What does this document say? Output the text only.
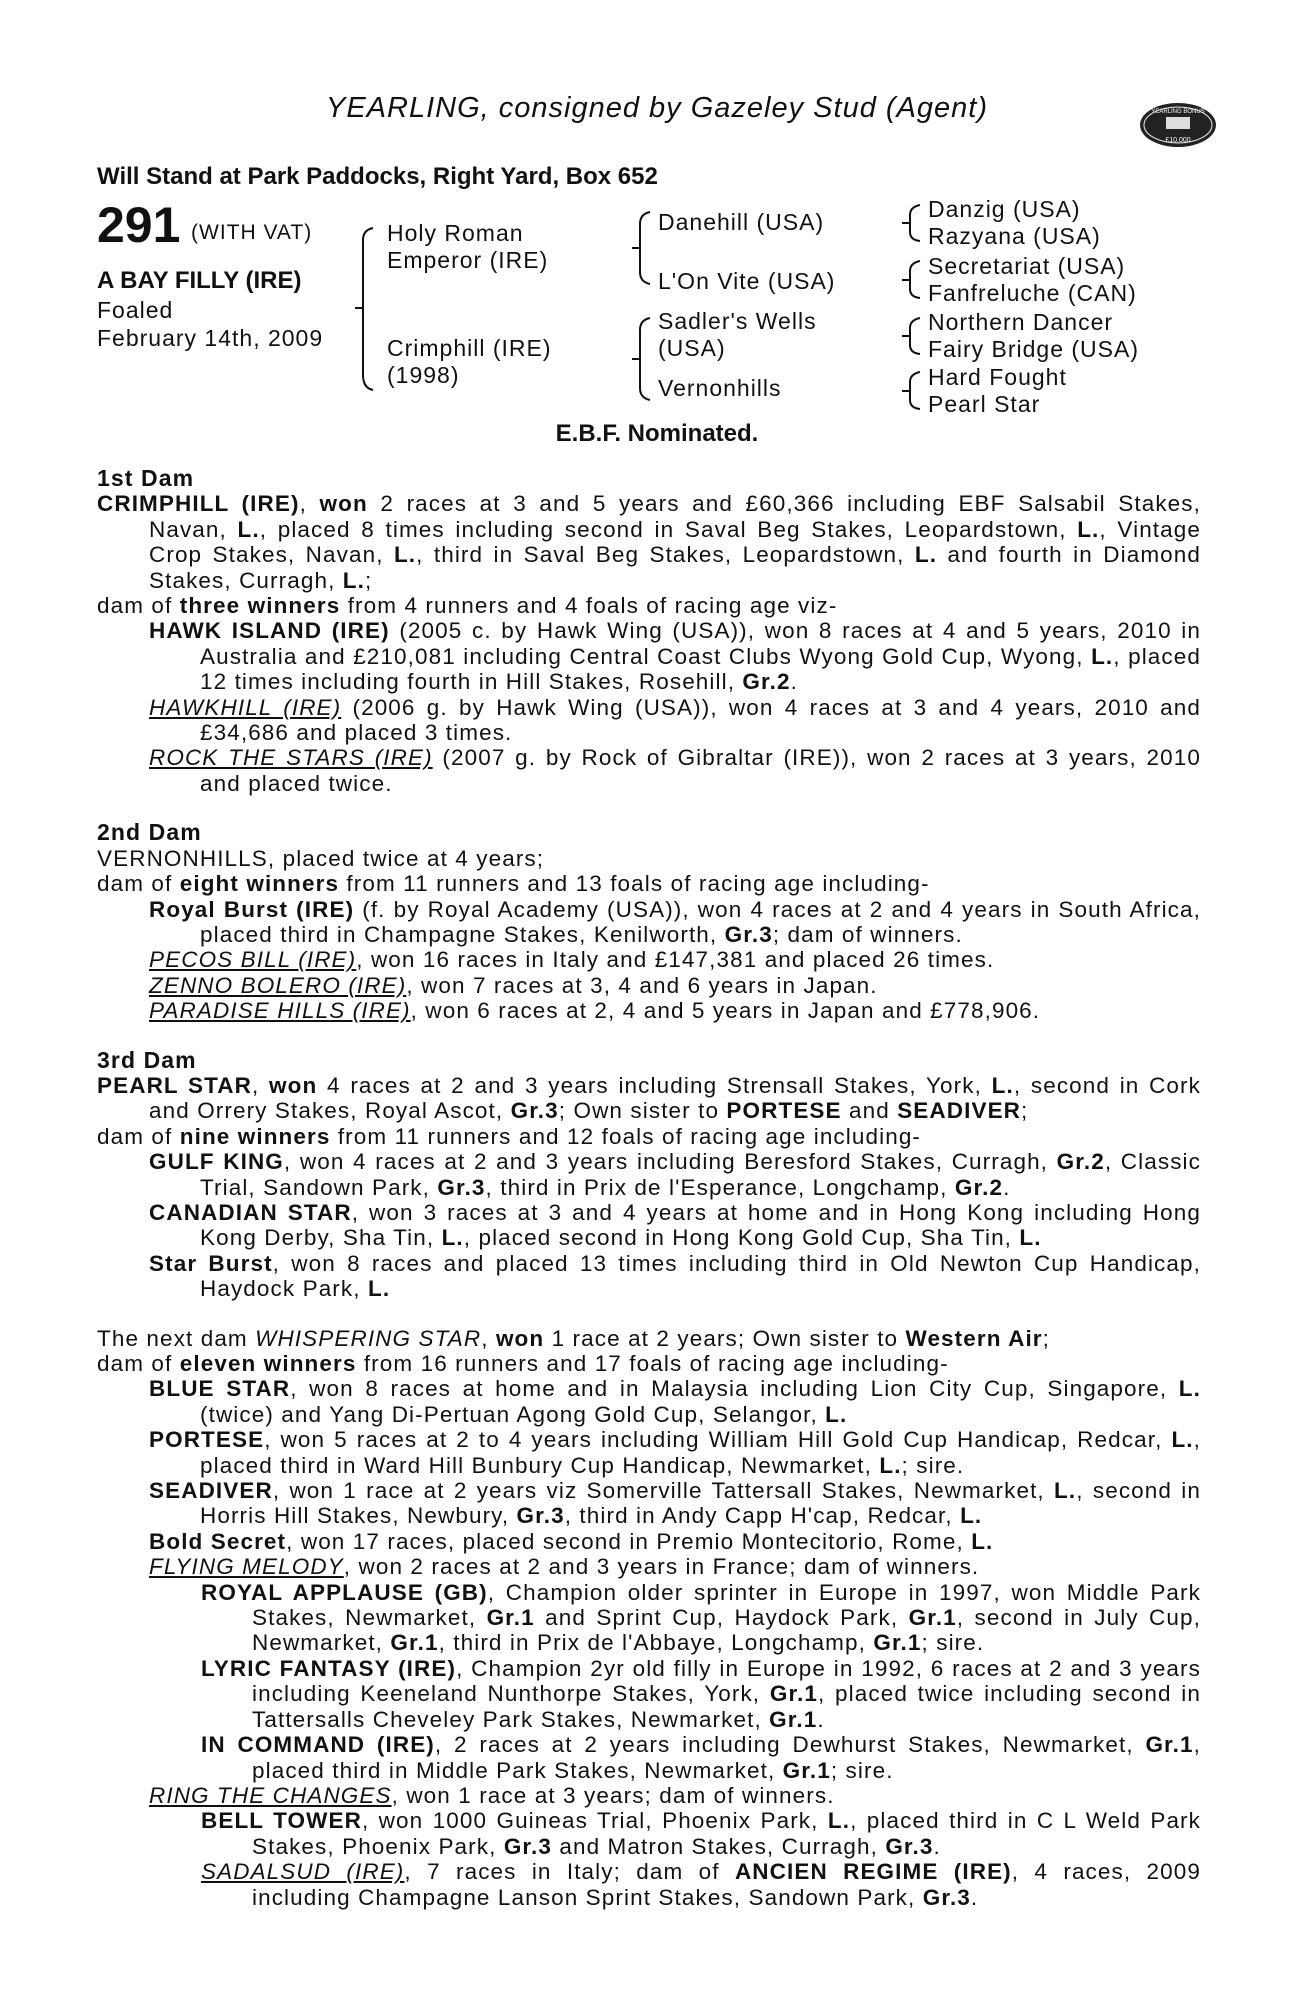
YEARLING, consigned by Gazeley Stud (Agent)	YEARLING BONUS
£10,000
Will Stand at Park Paddocks, Right Yard, Box 652
291 (WITH VAT)
A BAY FILLY (IRE)
Foaled
February 14th, 2009
Holy Roman
Emperor (IRE)
Crimphill (IRE)
(1998)
Danehill (USA)
L'On Vite (USA)
Sadler's Wells
(USA)
Vernonhills
Danzig (USA)
Razyana (USA)
Secretariat (USA)
Fanfreluche (CAN)
Northern Dancer
Fairy Bridge (USA)
Hard Fought
Pearl Star
E.B.F. Nominated.
1st Dam
CRIMPHILL (IRE), won 2 races at 3 and 5 years and £60,366 including EBF Salsabil Stakes, Navan, L., placed 8 times including second in Saval Beg Stakes, Leopardstown, L., Vintage Crop Stakes, Navan, L., third in Saval Beg Stakes, Leopardstown, L. and fourth in Diamond Stakes, Curragh, L.;
dam of three winners from 4 runners and 4 foals of racing age viz-
HAWK ISLAND (IRE) (2005 c. by Hawk Wing (USA)), won 8 races at 4 and 5 years, 2010 in Australia and £210,081 including Central Coast Clubs Wyong Gold Cup, Wyong, L., placed 12 times including fourth in Hill Stakes, Rosehill, Gr.2.
HAWKHILL (IRE) (2006 g. by Hawk Wing (USA)), won 4 races at 3 and 4 years, 2010 and £34,686 and placed 3 times.
ROCK THE STARS (IRE) (2007 g. by Rock of Gibraltar (IRE)), won 2 races at 3 years, 2010 and placed twice.
2nd Dam
VERNONHILLS, placed twice at 4 years;
dam of eight winners from 11 runners and 13 foals of racing age including-
Royal Burst (IRE) (f. by Royal Academy (USA)), won 4 races at 2 and 4 years in South Africa, placed third in Champagne Stakes, Kenilworth, Gr.3; dam of winners.
PECOS BILL (IRE), won 16 races in Italy and £147,381 and placed 26 times.
ZENNO BOLERO (IRE), won 7 races at 3, 4 and 6 years in Japan.
PARADISE HILLS (IRE), won 6 races at 2, 4 and 5 years in Japan and £778,906.
3rd Dam
PEARL STAR, won 4 races at 2 and 3 years including Strensall Stakes, York, L., second in Cork and Orrery Stakes, Royal Ascot, Gr.3; Own sister to PORTESE and SEADIVER;
dam of nine winners from 11 runners and 12 foals of racing age including-
GULF KING, won 4 races at 2 and 3 years including Beresford Stakes, Curragh, Gr.2, Classic Trial, Sandown Park, Gr.3, third in Prix de l'Esperance, Longchamp, Gr.2.
CANADIAN STAR, won 3 races at 3 and 4 years at home and in Hong Kong including Hong Kong Derby, Sha Tin, L., placed second in Hong Kong Gold Cup, Sha Tin, L.
Star Burst, won 8 races and placed 13 times including third in Old Newton Cup Handicap, Haydock Park, L.
The next dam WHISPERING STAR, won 1 race at 2 years; Own sister to Western Air;
dam of eleven winners from 16 runners and 17 foals of racing age including-
BLUE STAR, won 8 races at home and in Malaysia including Lion City Cup, Singapore, L. (twice) and Yang Di-Pertuan Agong Gold Cup, Selangor, L.
PORTESE, won 5 races at 2 to 4 years including William Hill Gold Cup Handicap, Redcar, L., placed third in Ward Hill Bunbury Cup Handicap, Newmarket, L.; sire.
SEADIVER, won 1 race at 2 years viz Somerville Tattersall Stakes, Newmarket, L., second in Horris Hill Stakes, Newbury, Gr.3, third in Andy Capp H'cap, Redcar, L.
Bold Secret, won 17 races, placed second in Premio Montecitorio, Rome, L.
FLYING MELODY, won 2 races at 2 and 3 years in France; dam of winners.
ROYAL APPLAUSE (GB), Champion older sprinter in Europe in 1997, won Middle Park Stakes, Newmarket, Gr.1 and Sprint Cup, Haydock Park, Gr.1, second in July Cup, Newmarket, Gr.1, third in Prix de l'Abbaye, Longchamp, Gr.1; sire.
LYRIC FANTASY (IRE), Champion 2yr old filly in Europe in 1992, 6 races at 2 and 3 years including Keeneland Nunthorpe Stakes, York, Gr.1, placed twice including second in Tattersalls Cheveley Park Stakes, Newmarket, Gr.1.
IN COMMAND (IRE), 2 races at 2 years including Dewhurst Stakes, Newmarket, Gr.1, placed third in Middle Park Stakes, Newmarket, Gr.1; sire.
RING THE CHANGES, won 1 race at 3 years; dam of winners.
BELL TOWER, won 1000 Guineas Trial, Phoenix Park, L., placed third in C L Weld Park Stakes, Phoenix Park, Gr.3 and Matron Stakes, Curragh, Gr.3.
SADALSUD (IRE), 7 races in Italy; dam of ANCIEN REGIME (IRE), 4 races, 2009 including Champagne Lanson Sprint Stakes, Sandown Park, Gr.3.
